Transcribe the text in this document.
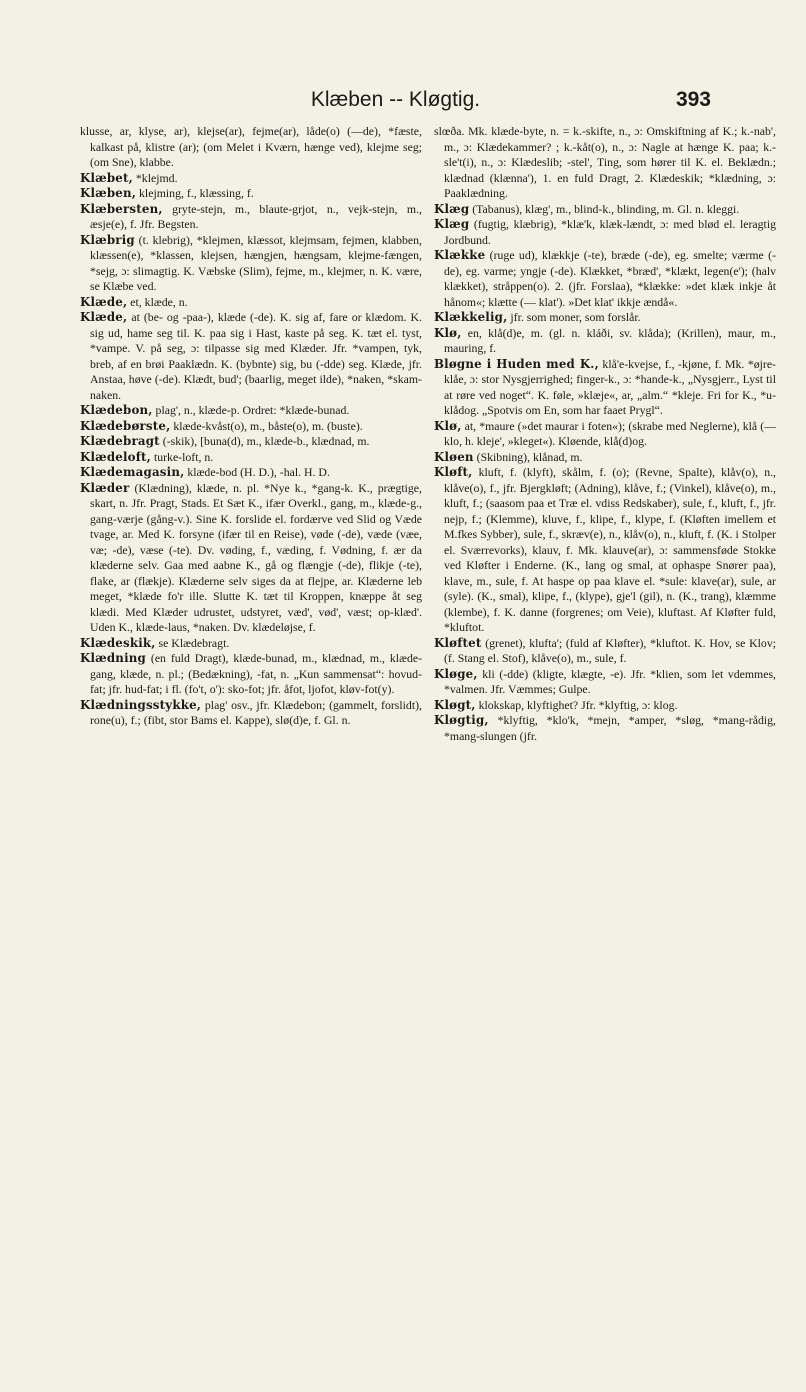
Klæben -- Kløgtig.	393

klusse, ar, klyse, ar), klejse(ar), fejme(ar), låde(o) (—de), *fæste, kalkast på, klistre (ar); (om Melet i Kværn, hænge ved), klejme seg; (om Sne), klabbe.

Klæbet, *klejmd.

Klæben, klejming, f., klæssing, f.

Klæbersten, gryte-stejn, m., blaute-grjot, n., vejk-stejn, m., æsje(e), f. Jfr. Begsten.

Klæbrig (t. klebrig), *klejmen, klæssot, klejmsam, fejmen, klabben, klæssen(e), *klassen, klejsen, hængjen, hængsam, klejme-fængen, *sejg, ɔ: slimagtig. K. Væbske (Slim), fejme, m., klejmer, n. K. være, se Klæbe ved.

Klæde, et, klæde, n.

Klæde, at (be- og -paa-), klæde (-de). K. sig af, fare or klædom. K. sig ud, hame seg til. K. paa sig i Hast, kaste på seg. K. tæt el. tyst, *vampe. V. på seg, ɔ: tilpasse sig med Klæder. Jfr. *vampen, tyk, breb, af en brøi Paaklædn. K. (bybnte) sig, bu (-dde) seg. Klæde, jfr. Anstaa, høve (-de). Klædt, bud'; (baarlig, meget ilde), *naken, *skam-naken.

Klædebon, plag', n., klæde-p. Ordret: *klæde-bunad.

Klædebørste, klæde-kvåst(o), m., båste(o), m. (buste).

Klædebragt (-skik), [buna(d), m., klæde-b., klædnad, m.

Klædeloft, turke-loft, n.

Klædemagasin, klæde-bod (H. D.), -hal. H. D.

Klæder (Klædning), klæde, n. pl. *Nye k., *gang-k. K., prægtige, skart, n. Jfr. Pragt, Stads. Et Sæt K., ifær Overkl., gang, m., klæde-g., gang-værje (gång-v.). Sine K. forslide el. fordærve ved Slid og Væde tvage, ar. Med K. forsyne (ifær til en Reise), vøde (-de), væde (væe, væ; -de), væse (-te). Dv. vøding, f., væding, f. Vødning, f. ær da klæderne selv. Gaa med aabne K., gå og flængje (-de), flikje (-te), flake, ar (flækje). Klæderne selv siges da at flejpe, ar. Klæderne leb meget, *klæde fo'r ille. Slutte K. tæt til Kroppen, knæppe åt seg klædi. Med Klæder udrustet, udstyret, væd', vød', væst; op-klæd'. Uden K., klæde-laus, *naken. Dv. klædeløjse, f.

Klædeskik, se Klædebragt.

Klædning (en fuld Dragt), klæde-bunad, m., klædnad, m., klæde-gang, klæde, n. pl.; (Bedækning), -fat, n. „Kun sammensat“: hovud-fat; jfr. hud-fat; i fl. (fo't, o'): sko-fot; jfr. åfot, ljofot, kløv-fot(y).

Klædningsstykke, plag' osv., jfr. Klædebon; (gammelt, forslidt), rone(u), f.; (fibt, stor Bams el. Kappe), slø(d)e, f. Gl. n.

slœða. Mk. klæde-byte, n. = k.-skifte, n., ɔ: Omskiftning af K.; k.-nab', m., ɔ: Klædekammer? ; k.-kåt(o), n., ɔ: Nagle at hænge K. paa; k.-sle't(i), n., ɔ: Klædeslib; -stel', Ting, som hører til K. el. Beklædn.; klædnad (klænna'), 1. en fuld Dragt, 2. Klædeskik; *klædning, ɔ: Paaklædning.

Klæg (Tabanus), klæg', m., blind-k., blinding, m. Gl. n. kleggi.

Klæg (fugtig, klæbrig), *klæ'k, klæk-lændt, ɔ: med blød el. leragtig Jordbund.

Klække (ruge ud), klækkje (-te), bræde (-de), eg. smelte; værme (-de), eg. varme; yngje (-de). Klækket, *bræd', *klækt, legen(e'); (halv klækket), stråppen(o). 2. (jfr. Forslaa), *klække: »det klæk inkje åt hånom«; klætte (— klat'). »Det klat' ikkje ændå«.

Klækkelig, jfr. som moner, som forslår.

Klø, en, klå(d)e, m. (gl. n. kláði, sv. klåda); (Krillen), maur, m., mauring, f.

Bløgne i Huden med K., klå'e-kvejse, f., -kjøne, f. Mk. *øjre-klåe, ɔ: stor Nysgjerrighed; finger-k., ɔ: *hande-k., „Nysgjerr., Lyst til at røre ved noget“. K. føle, »klæje«, ar, „alm.“ *kleje. Fri for K., *u-klådog. „Spotvis om En, som har faaet Prygl“.

Klø, at, *maure (»det maurar i foten«); (skrabe med Neglerne), klå (— klo, h. kleje', »kleget«). Kløende, klå(d)og.

Kløen (Skibning), klånad, m.

Kløft, kluft, f. (klyft), skålm, f. (o); (Revne, Spalte), klåv(o), n., klåve(o), f., jfr. Bjergkløft; (Adning), klåve, f.; (Vinkel), klåve(o), m., kluft, f.; (saasom paa et Træ el. vdiss Redskaber), sule, f., kluft, f., jfr. nejp, f.; (Klemme), kluve, f., klipe, f., klype, f. (Kløften imellem et M.fkes Sybber), sule, f., skræv(e), n., klåv(o), n., kluft, f. (K. i Stolper el. Sværrevorks), klauv, f. Mk. klauve(ar), ɔ: sammensføde Stokke ved Kløfter i Enderne. (K., lang og smal, at ophaspe Snører paa), klave, m., sule, f. At haspe op paa klave el. *sule: klave(ar), sule, ar (syle). (K., smal), klipe, f., (klype), gje'l (gil), n. (K., trang), klæmme (klembe), f. K. danne (forgrenes; om Veie), kluftast. Af Kløfter fuld, *kluftot.

Kløftet (grenet), klufta'; (fuld af Kløfter), *kluftot. K. Hov, se Klov; (f. Stang el. Stof), klåve(o), m., sule, f.

Kløge, kli (-dde) (kligte, klægte, -e). Jfr. *klien, som let vdemmes, *valmen. Jfr. Væmmes; Gulpe.

Kløgt, klokskap, klyftighet? Jfr. *klyftig, ɔ: klog.

Kløgtig, *klyftig, *klo'k, *mejn, *amper, *sløg, *mang-rådig, *mang-slungen (jfr.
